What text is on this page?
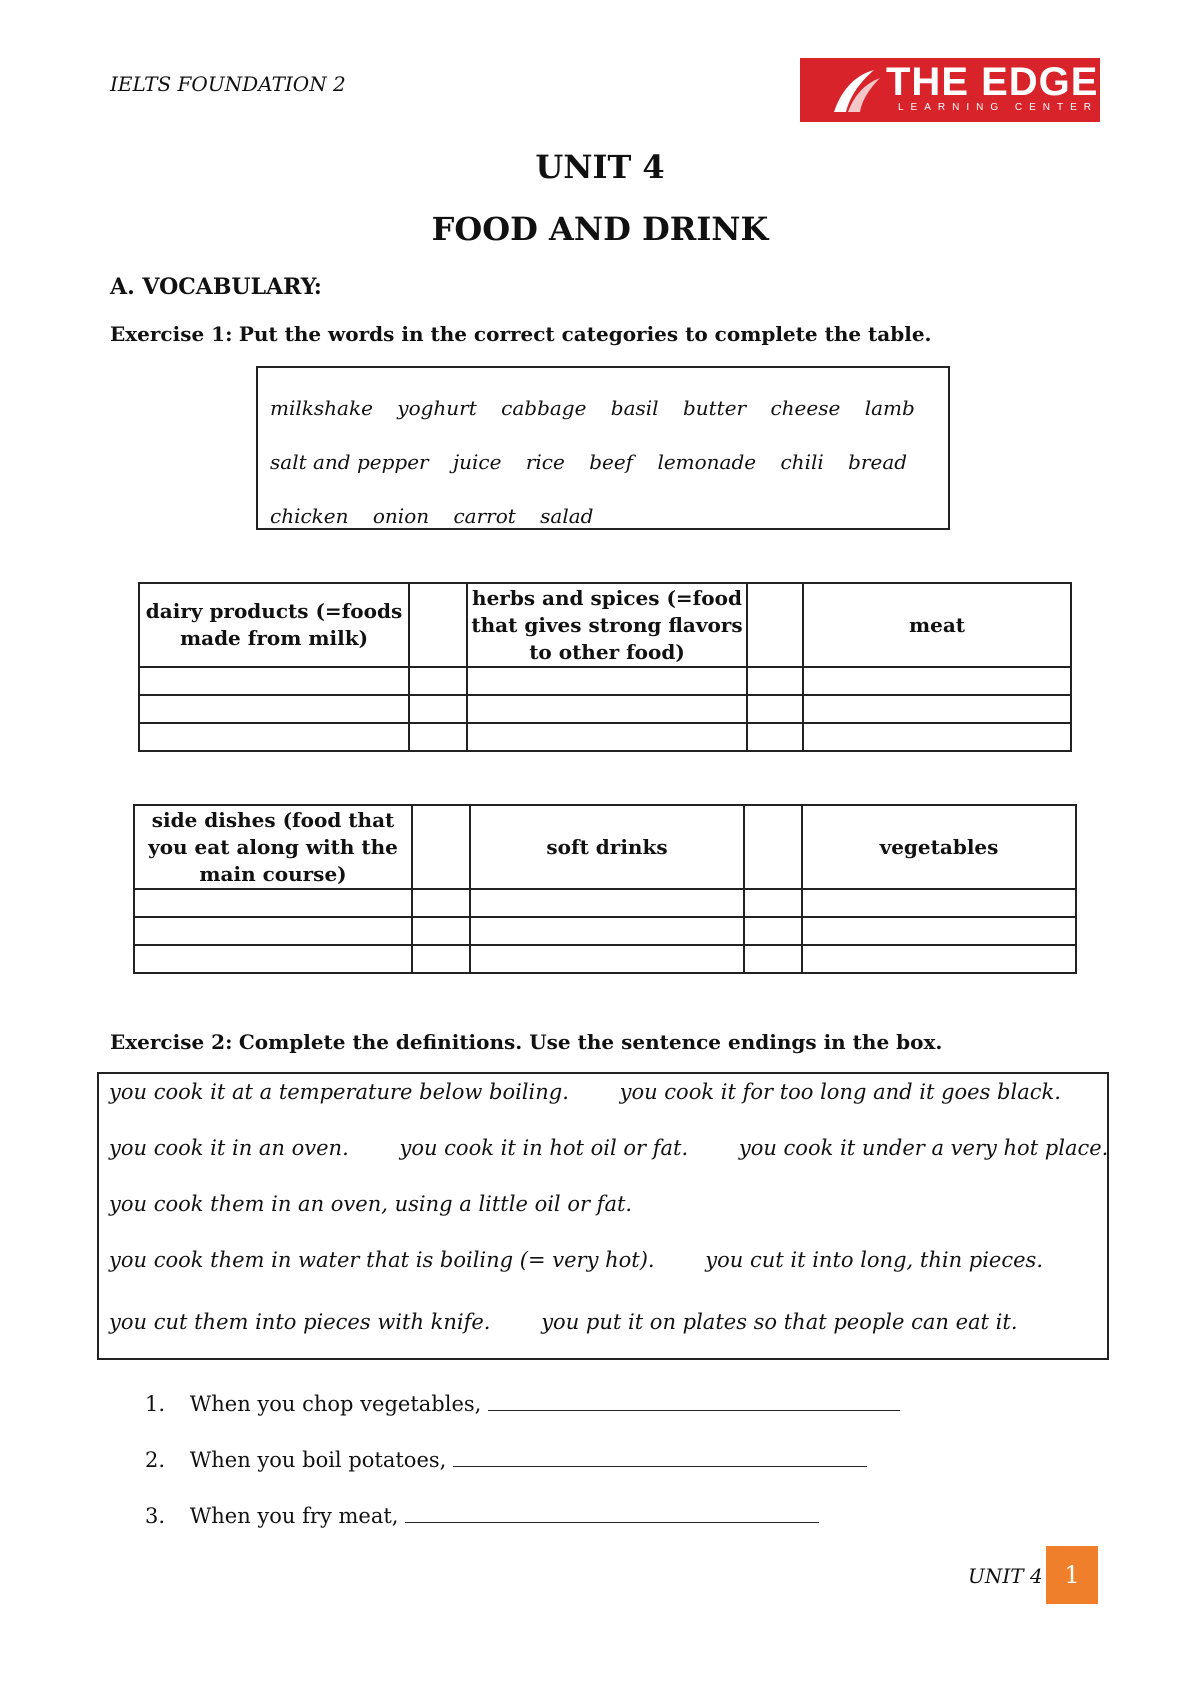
IELTS FOUNDATION 2	THE EDGE
LEARNING CENTER
UNIT 4
FOOD AND DRINK
A. VOCABULARY:
Exercise 1: Put the words in the correct categories to complete the table.
milkshake yoghurt cabbage basil butter cheese lamb
salt and pepper juice rice beef lemonade chili bread
chicken onion carrot salad
dairy products (=foods made from milk)		herbs and spices (=food that gives strong flavors to other food)		meat

side dishes (food that you eat along with the main course)		soft drinks		vegetables

Exercise 2: Complete the definitions. Use the sentence endings in the box.
you cook it at a temperature below boiling. you cook it for too long and it goes black.
you cook it in an oven. you cook it in hot oil or fat. you cook it under a very hot place.
you cook them in an oven, using a little oil or fat.
you cook them in water that is boiling (= very hot). you cut it into long, thin pieces.
you cut them into pieces with knife. you put it on plates so that people can eat it.
1. When you chop vegetables,
2. When you boil potatoes,
3. When you fry meat,
UNIT 4 1
